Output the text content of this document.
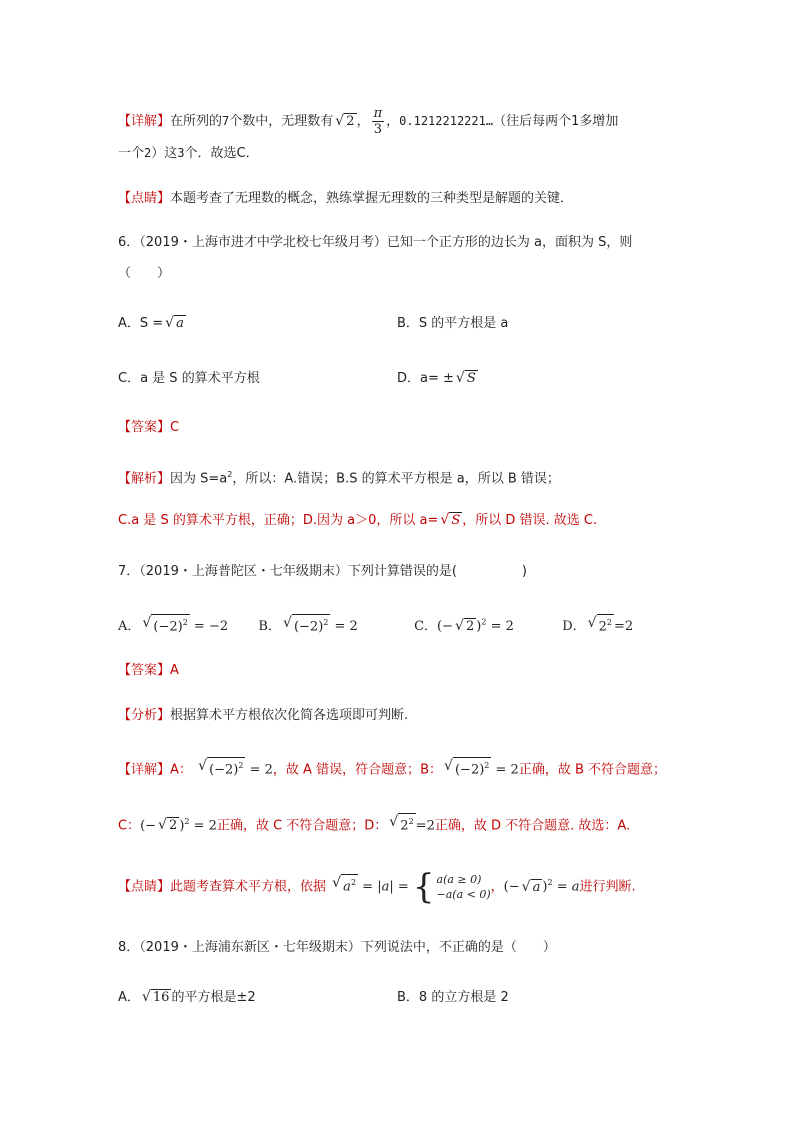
【详解】在所列的7个数中，无理数有 √ 2 ， $\frac{\pi}{3}$ ，0.1212212221…（往后每两个1多增加
一个2）这3个．故选C．
【点睛】本题考查了无理数的概念，熟练掌握无理数的三种类型是解题的关键．
6．（2019・上海市进才中学北校七年级月考）已知一个正方形的边长为 a，面积为 S，则
（　　）
A．S = √ a	B．S 的平方根是 a
C．a 是 S 的算术平方根	D．a= ± √ S
【答案】C
【解析】因为 $S=a^2$，所以：A.错误；B.S 的算术平方根是 a，所以 B 错误；
C.a 是 S 的算术平方根，正确；D.因为 a＞0，所以 a= √ S ，所以 D 错误. 故选 C.
7．（2019・上海普陀区・七年级期末）下列计算错误的是(　　　　　)
A． √ $(-2)^2 = -2$ B． √ $(-2)^2 = 2$	C．(− √ 2 )$^2$ = 2	D． √ $2^2 =2$
【答案】A
【分析】根据算术平方根依次化简各选项即可判断.
【详解】A： √ $(-2)^2 = 2$，故 A 错误，符合题意；B： √ $(-2)^2 = 2$正确，故 B 不符合题意；
C：(− √ 2 )$^2$ = 2正确，故 C 不符合题意；D： √ $2^2 =2$正确，故 D 不符合题意. 故选：A.
【点睛】此题考查算术平方根，依据 √ $a^2 = |a|$ = { a(a ≥ 0)
−a(a < 0) ，(− √ a )$^2$ = a进行判断.
8．（2019・上海浦东新区・七年级期末）下列说法中，不正确的是（　　）
A． √ 16 的平方根是±2	B．8 的立方根是 2
